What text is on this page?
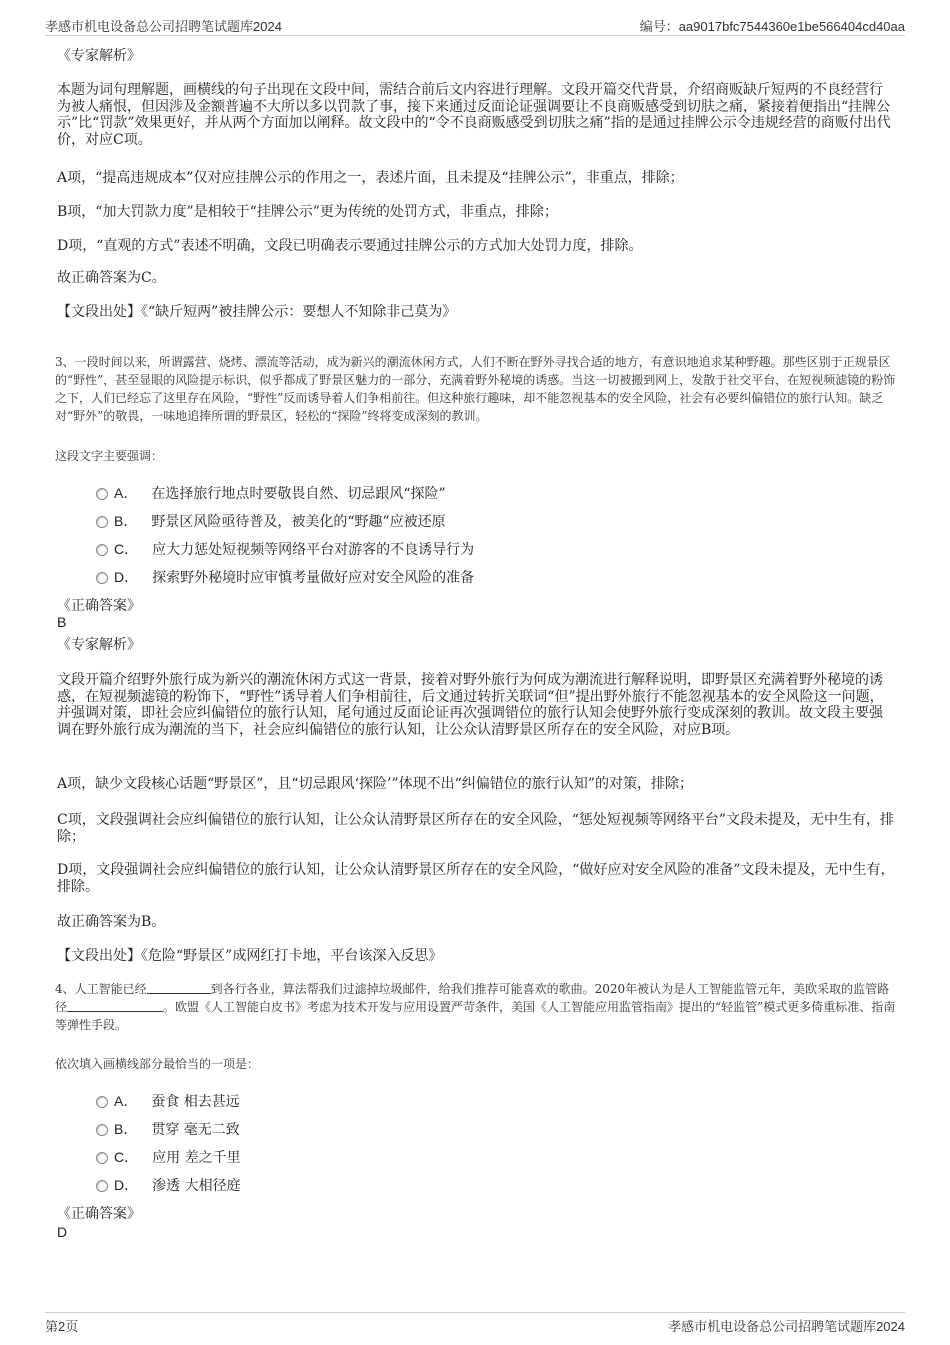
孝感市机电设备总公司招聘笔试题库2024	编号：aa9017bfc7544360e1be566404cd40aa

《专家解析》

本题为词句理解题，画横线的句子出现在文段中间，需结合前后文内容进行理解。文段开篇交代背景，介绍商贩缺斤短两的不良经营行为被人痛恨，但因涉及金额普遍不大所以多以罚款了事，接下来通过反面论证强调要让不良商贩感受到切肤之痛，紧接着便指出“挂牌公示”比“罚款”效果更好，并从两个方面加以阐释。故文段中的“令不良商贩感受到切肤之痛”指的是通过挂牌公示令违规经营的商贩付出代价，对应C项。

A项，“提高违规成本”仅对应挂牌公示的作用之一，表述片面，且未提及“挂牌公示”，非重点，排除；

B项，“加大罚款力度”是相较于“挂牌公示”更为传统的处罚方式，非重点，排除；

D项，“直观的方式”表述不明确，文段已明确表示要通过挂牌公示的方式加大处罚力度，排除。

故正确答案为C。

【文段出处】《“缺斤短两”被挂牌公示：要想人不知除非己莫为》

3、一段时间以来，所谓露营、烧烤、漂流等活动，成为新兴的潮流休闲方式，人们不断在野外寻找合适的地方，有意识地追求某种野趣。那些区别于正规景区的“野性”，甚至显眼的风险提示标识，似乎都成了野景区魅力的一部分，充满着野外秘境的诱惑。当这一切被搬到网上，发散于社交平台，在短视频滤镜的粉饰之下，人们已经忘了这里存在风险，“野性”反而诱导着人们争相前往。但这种旅行趣味，却不能忽视基本的安全风险，社会有必要纠偏错位的旅行认知。缺乏对“野外”的敬畏，一味地追捧所谓的野景区，轻松的“探险”终将变成深刻的教训。

这段文字主要强调：

A． 在选择旅行地点时要敬畏自然、切忌跟风“探险”
B． 野景区风险亟待普及，被美化的“野趣”应被还原
C． 应大力惩处短视频等网络平台对游客的不良诱导行为
D． 探索野外秘境时应审慎考量做好应对安全风险的准备

《正确答案》

B

《专家解析》

文段开篇介绍野外旅行成为新兴的潮流休闲方式这一背景，接着对野外旅行为何成为潮流进行解释说明，即野景区充满着野外秘境的诱惑，在短视频滤镜的粉饰下，“野性”诱导着人们争相前往，后文通过转折关联词“但”提出野外旅行不能忽视基本的安全风险这一问题，并强调对策，即社会应纠偏错位的旅行认知，尾句通过反面论证再次强调错位的旅行认知会使野外旅行变成深刻的教训。故文段主要强调在野外旅行成为潮流的当下，社会应纠偏错位的旅行认知，让公众认清野景区所存在的安全风险，对应B项。

A项，缺少文段核心话题“野景区”，且“切忌跟风‘探险’”体现不出“纠偏错位的旅行认知”的对策，排除；

C项，文段强调社会应纠偏错位的旅行认知，让公众认清野景区所存在的安全风险，“惩处短视频等网络平台”文段未提及，无中生有，排除；

D项，文段强调社会应纠偏错位的旅行认知，让公众认清野景区所存在的安全风险，“做好应对安全风险的准备”文段未提及，无中生有，排除。

故正确答案为B。

【文段出处】《危险“野景区”成网红打卡地，平台该深入反思》

4、人工智能已经	到各行各业，算法帮我们过滤掉垃圾邮件，给我们推荐可能喜欢的歌曲。2020年被认为是人工智能监管元年，美欧采取的监管路径	。欧盟《人工智能白皮书》考虑为技术开发与应用设置严苛条件，美国《人工智能应用监管指南》提出的“轻监管”模式更多倚重标准、指南等弹性手段。

依次填入画横线部分最恰当的一项是：

A． 蚕食 相去甚远
B． 贯穿 毫无二致
C． 应用 差之千里
D． 渗透 大相径庭

《正确答案》

D

第2页	孝感市机电设备总公司招聘笔试题库2024
